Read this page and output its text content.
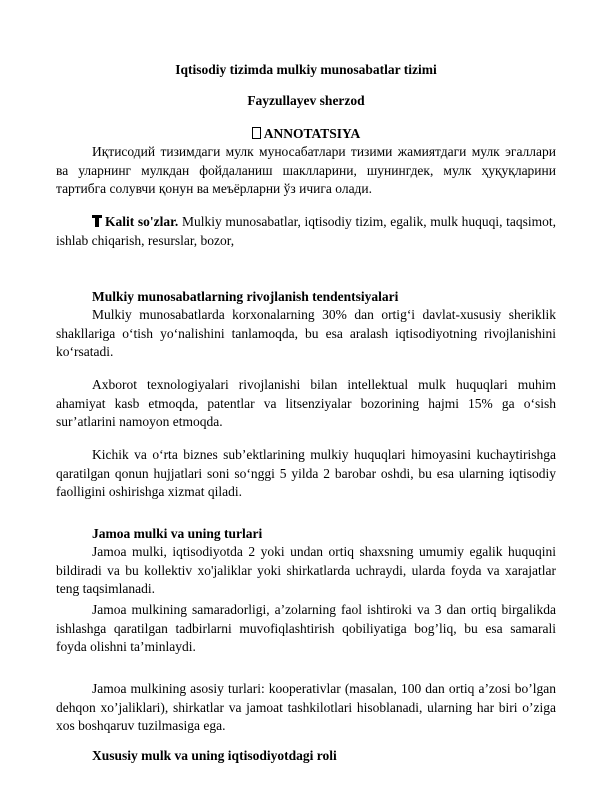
Iqtisodiy tizimda mulkiy munosabatlar tizimi
Fayzullayev sherzod
ANNOTATSIYA

Иқтисодий тизимдаги мулк муносабатлари тизими жамиятдаги мулк эгаллари ва уларнинг мулкдан фойдаланиш шаклларини, шунингдек, мулк ҳуқуқларини тартибга солувчи қонун ва меъёрларни ўз ичига олади.

Kalit so'zlar. Mulkiy munosabatlar, iqtisodiy tizim, egalik, mulk huquqi, taqsimot, ishlab chiqarish, resurslar, bozor,

Mulkiy munosabatlarning rivojlanish tendentsiyalari

Mulkiy munosabatlarda korxonalarning 30% dan ortig‘i davlat-xususiy sheriklik shakllariga o‘tish yo‘nalishini tanlamoqda, bu esa aralash iqtisodiyotning rivojlanishini ko‘rsatadi.

Axborot texnologiyalari rivojlanishi bilan intellektual mulk huquqlari muhim ahamiyat kasb etmoqda, patentlar va litsenziyalar bozorining hajmi 15% ga o‘sish sur’atlarini namoyon etmoqda.

Kichik va o‘rta biznes sub’ektlarining mulkiy huquqlari himoyasini kuchaytirishga qaratilgan qonun hujjatlari soni so‘nggi 5 yilda 2 barobar oshdi, bu esa ularning iqtisodiy faolligini oshirishga xizmat qiladi.

Jamoa mulki va uning turlari

Jamoa mulki, iqtisodiyotda 2 yoki undan ortiq shaxsning umumiy egalik huquqini bildiradi va bu kollektiv xo'jaliklar yoki shirkatlarda uchraydi, ularda foyda va xarajatlar teng taqsimlanadi.

Jamoa mulkining samaradorligi, a’zolarning faol ishtiroki va 3 dan ortiq birgalikda ishlashga qaratilgan tadbirlarni muvofiqlashtirish qobiliyatiga bog’liq, bu esa samarali foyda olishni ta’minlaydi.

Jamoa mulkining asosiy turlari: kooperativlar (masalan, 100 dan ortiq a’zosi bo’lgan dehqon xo’jaliklari), shirkatlar va jamoat tashkilotlari hisoblanadi, ularning har biri o’ziga xos boshqaruv tuzilmasiga ega.

Xususiy mulk va uning iqtisodiyotdagi roli
